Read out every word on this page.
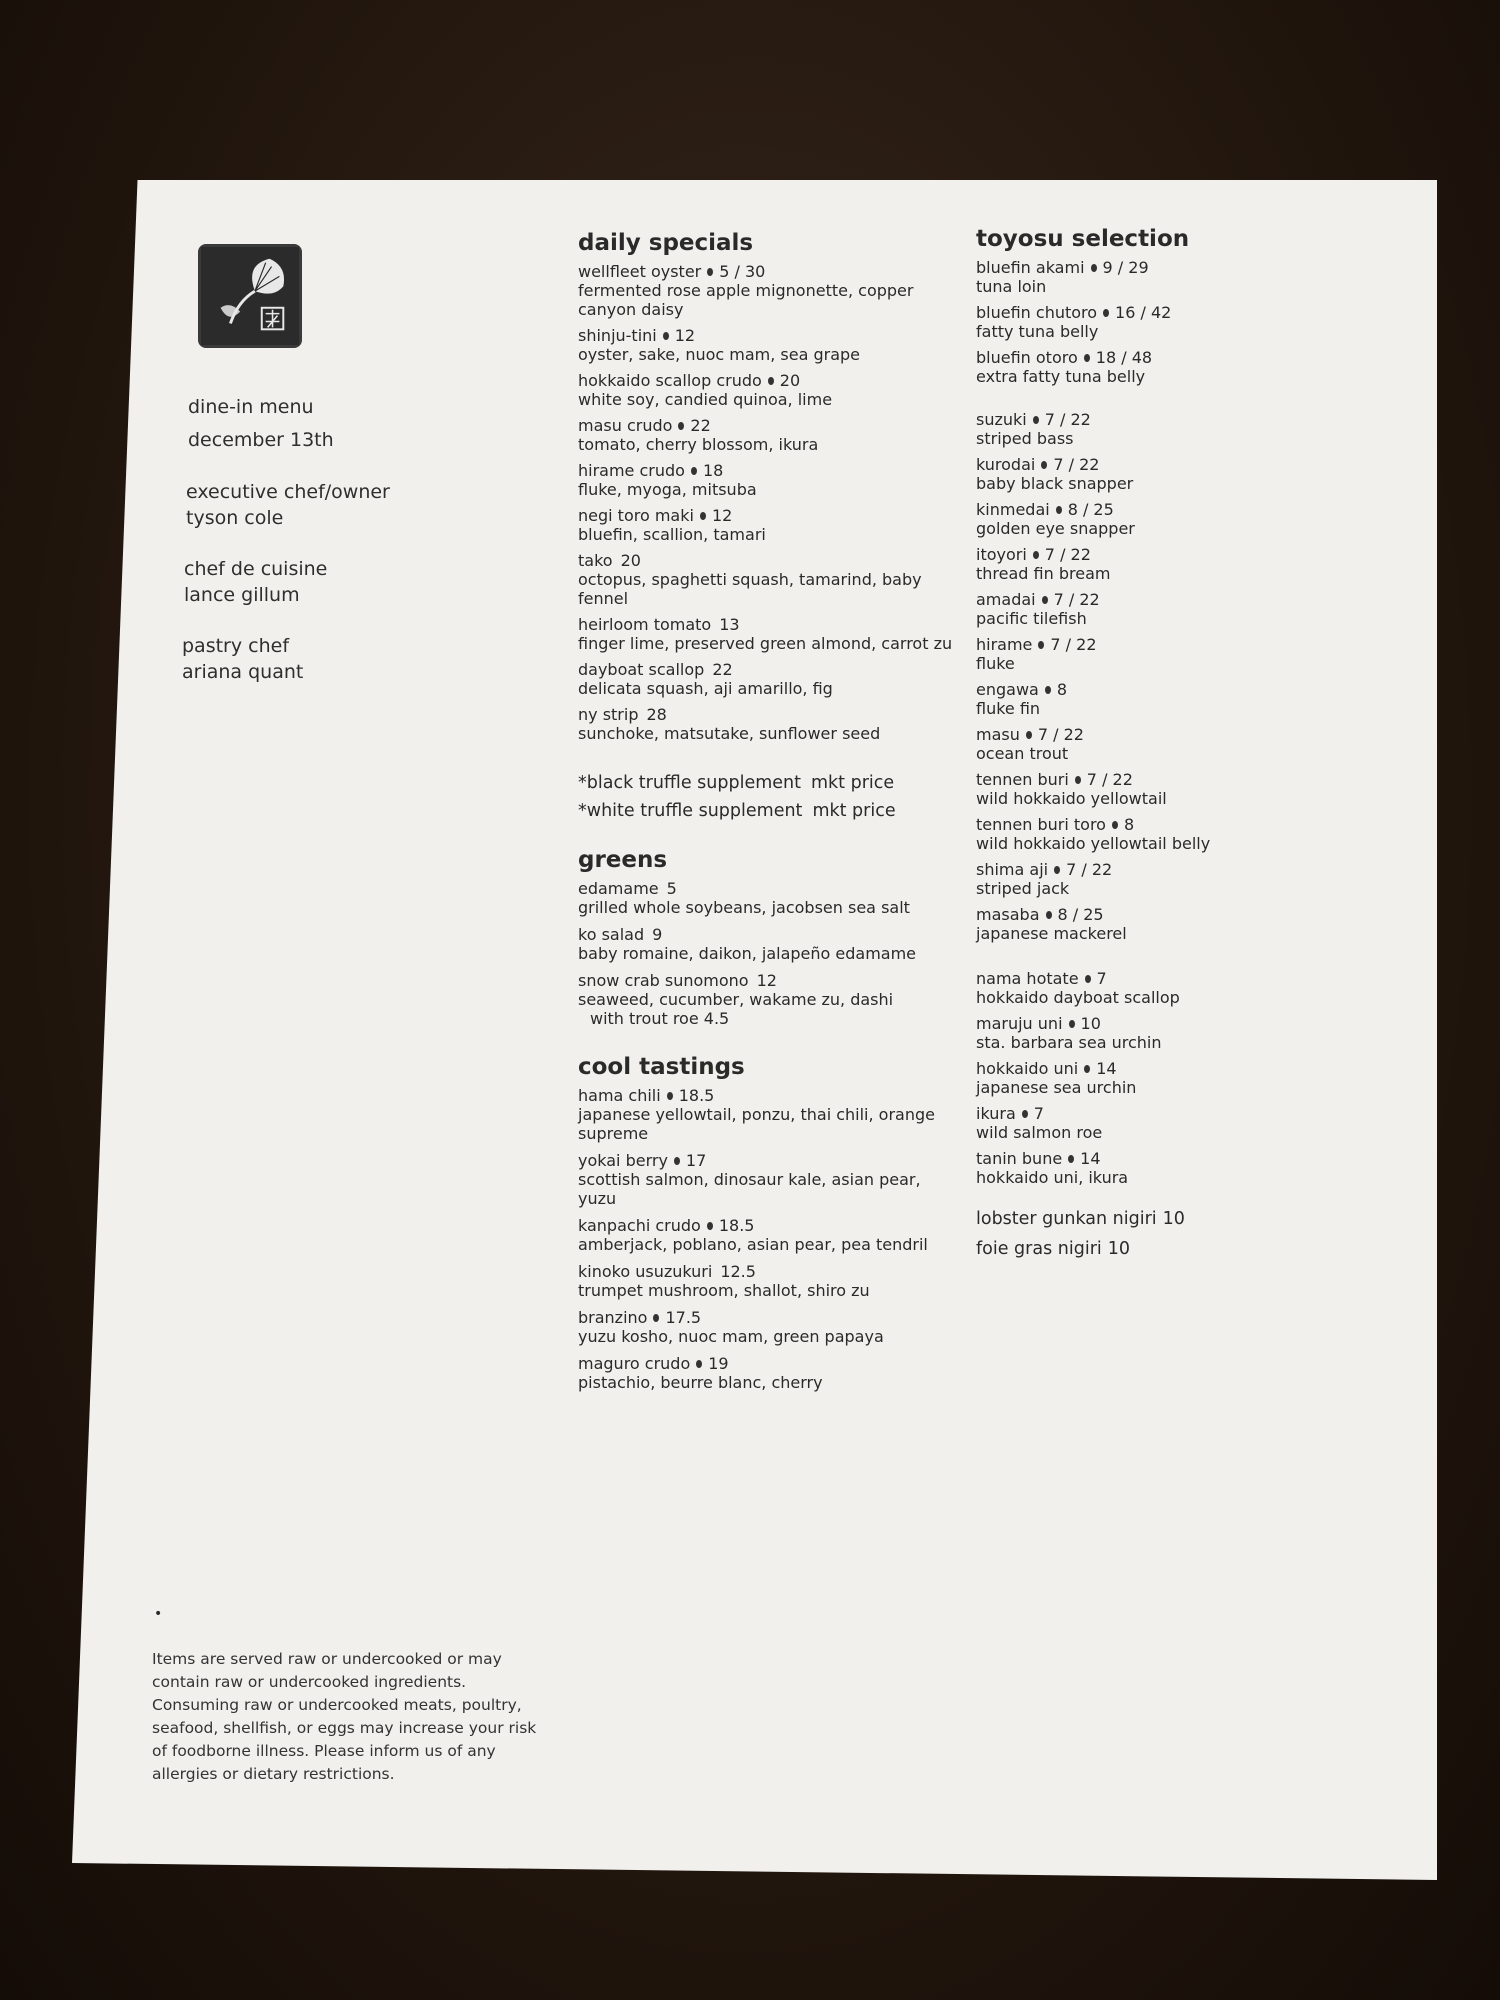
dine-in menu
december 13th
executive chef/owner
tyson cole
chef de cuisine
lance gillum
pastry chef
ariana quant
•
Items are served raw or undercooked or may contain raw or undercooked ingredients. Consuming raw or undercooked meats, poultry, seafood, shellfish, or eggs may increase your risk of foodborne illness. Please inform us of any allergies or dietary restrictions.
daily specials
wellfleet oyster 5 / 30
fermented rose apple mignonette, copper canyon daisy
shinju-tini 12
oyster, sake, nuoc mam, sea grape
hokkaido scallop crudo 20
white soy, candied quinoa, lime
masu crudo 22
tomato, cherry blossom, ikura
hirame crudo 18
fluke, myoga, mitsuba
negi toro maki 12
bluefin, scallion, tamari
tako 20
octopus, spaghetti squash, tamarind, baby fennel
heirloom tomato 13
finger lime, preserved green almond, carrot zu
dayboat scallop 22
delicata squash, aji amarillo, fig
ny strip 28
sunchoke, matsutake, sunflower seed
*black truffle supplement mkt price
*white truffle supplement mkt price
greens
edamame 5
grilled whole soybeans, jacobsen sea salt
ko salad 9
baby romaine, daikon, jalapeño edamame
snow crab sunomono 12
seaweed, cucumber, wakame zu, dashi
with trout roe 4.5
cool tastings
hama chili 18.5
japanese yellowtail, ponzu, thai chili, orange supreme
yokai berry 17
scottish salmon, dinosaur kale, asian pear, yuzu
kanpachi crudo 18.5
amberjack, poblano, asian pear, pea tendril
kinoko usuzukuri 12.5
trumpet mushroom, shallot, shiro zu
branzino 17.5
yuzu kosho, nuoc mam, green papaya
maguro crudo 19
pistachio, beurre blanc, cherry
toyosu selection
bluefin akami 9 / 29
tuna loin
bluefin chutoro 16 / 42
fatty tuna belly
bluefin otoro 18 / 48
extra fatty tuna belly
suzuki 7 / 22
striped bass
kurodai 7 / 22
baby black snapper
kinmedai 8 / 25
golden eye snapper
itoyori 7 / 22
thread fin bream
amadai 7 / 22
pacific tilefish
hirame 7 / 22
fluke
engawa 8
fluke fin
masu 7 / 22
ocean trout
tennen buri 7 / 22
wild hokkaido yellowtail
tennen buri toro 8
wild hokkaido yellowtail belly
shima aji 7 / 22
striped jack
masaba 8 / 25
japanese mackerel
nama hotate 7
hokkaido dayboat scallop
maruju uni 10
sta. barbara sea urchin
hokkaido uni 14
japanese sea urchin
ikura 7
wild salmon roe
tanin bune 14
hokkaido uni, ikura
lobster gunkan nigiri 10
foie gras nigiri 10
